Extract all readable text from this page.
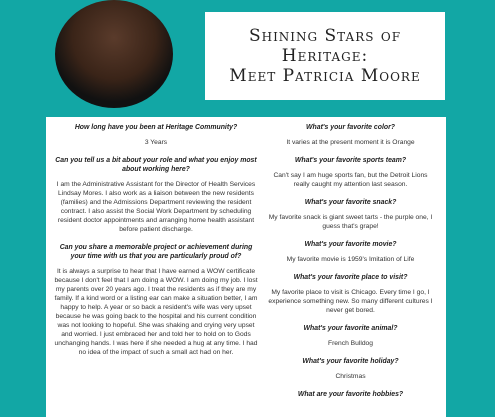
Shining Stars of
Heritage:
Meet Patricia Moore
How long have you been at Heritage Community?
3 Years
Can you tell us a bit about your role and what you enjoy most about working here?
I am the Administrative Assistant for the Director of Health Services Lindsay Mores. I also work as a liaison between the new residents (families) and the Admissions Department reviewing the resident contract. I also assist the Social Work Department by scheduling resident doctor appointments and arranging home health assistant before patient discharge.
Can you share a memorable project or achievement during your time with us that you are particularly proud of?
It is always a surprise to hear that I have earned a WOW certificate because I don't feel that I am doing a WOW. I am doing my job. I lost my parents over 20 years ago. I treat the residents as if they are my family. If a kind word or a listing ear can make a situation better, I am happy to help. A year or so back a resident's wife was very upset because he was going back to the hospital and his current condition was not looking to hopeful. She was shaking and crying very upset and worried. I just embraced her and told her to hold on to Gods unchanging hands. I was here if she needed a hug at any time. I had no idea of the impact of such a small act had on her.
What's your favorite color?
It varies at the present moment it is Orange
What's your favorite sports team?
Can't say I am huge sports fan, but the Detroit Lions really caught my attention last season.
What's your favorite snack?
My favorite snack is giant sweet tarts - the purple one, I guess that's grape!
What's your favorite movie?
My favorite movie is 1959's Imitation of Life
What's your favorite place to visit?
My favorite place to visit is Chicago. Every time I go, I experience something new. So many different cultures I never get bored.
What's your favorite animal?
French Bulldog
What's your favorite holiday?
Christmas
What are your favorite hobbies?
